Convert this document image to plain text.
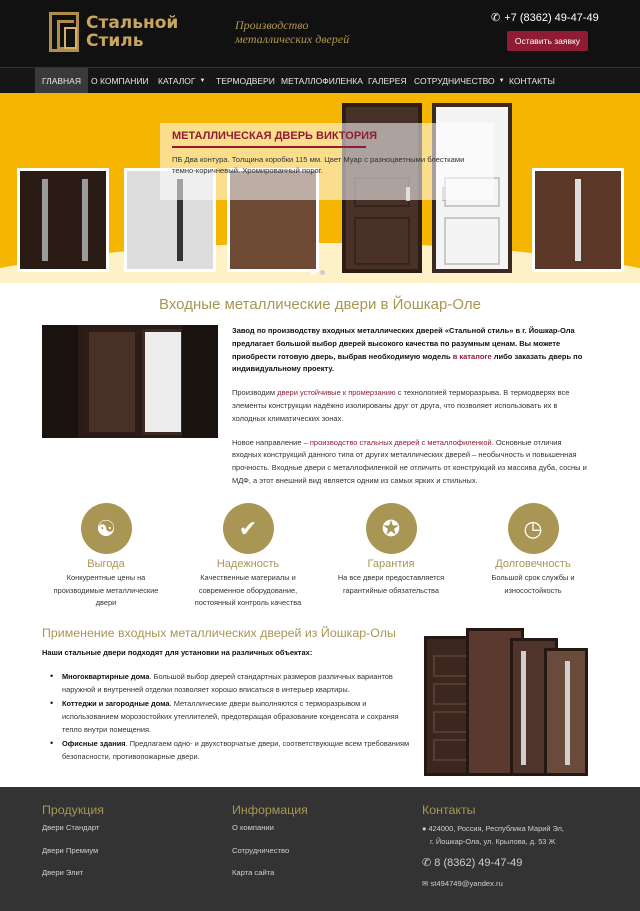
Стальной
Стиль
Производство
металлических дверей
✆ +7 (8362) 49-47-49
Оставить заявку
ГЛАВНАЯ О КОМПАНИИ КАТАЛОГ ▼ ТЕРМОДВЕРИ МЕТАЛЛОФИЛЕНКА ГАЛЕРЕЯ СОТРУДНИЧЕСТВО ▼ КОНТАКТЫ
МЕТАЛЛИЧЕСКАЯ ДВЕРЬ ВИКТОРИЯ
ПБ Два контура. Толщина коробки 115 мм. Цвет Муар с разноцветными блестками темно-коричневый. Хромированный порог.
Входные металлические двери в Йошкар-Оле

Завод по производству входных металлических дверей «Стальной стиль» в г. Йошкар-Ола предлагает большой выбор дверей высокого качества по разумным ценам. Вы можете приобрести готовую дверь, выбрав необходимую модель в каталоге либо заказать дверь по индивидуальному проекту.

Производим двери устойчивые к промерзанию с технологией терморазрыва. В термодверях все элементы конструкции надёжно изолированы друг от друга, что позволяет использовать их в холодных климатических зонах.

Новое направление – производство стальных дверей с металлофиленкой. Основные отличия входных конструкций данного типа от других металлических дверей – необычность и повышенная прочность. Входные двери с металлофиленкой не отличить от конструкций из массива дуба, сосны и МДФ, а этот внешний вид является одним из самых ярких и стильных.

☯
Выгода
Конкурентные цены на
производимые металлические
двери
✔
Надежность
Качественные материалы и
современное оборудование,
постоянный контроль качества
✪
Гарантия
На все двери предоставляется
гарантийные обязательства
◷
Долговечность
Большой срок службы и
износостойкость
Применение входных металлических дверей из Йошкар-Олы
Наши стальные двери подходят для установки на различных объектах:
• Многоквартирные дома. Большой выбор дверей стандартных размеров различных вариантов наружной и внутренней отделки позволяет хорошо вписаться в интерьер квартиры.
• Коттеджи и загородные дома. Металлические двери выполняются с терморазрывом и использованием морозостойких утеплителей, предотвращая образование конденсата и сохраняя тепло внутри помещения.
• Офисные здания. Предлагаем одно- и двухстворчатые двери, соответствующие всем требованиям безопасности, противопожарные двери.
Продукция
Двери Стандарт
Двери Премиум
Двери Элит
Информация
О компании
Сотрудничество
Карта сайта
Контакты
● 424000, Россия, Республика Марий Эл,
г. Йошкар-Ола, ул. Крылова, д. 53 Ж
✆ 8 (8362) 49-47-49
✉ st494749@yandex.ru
